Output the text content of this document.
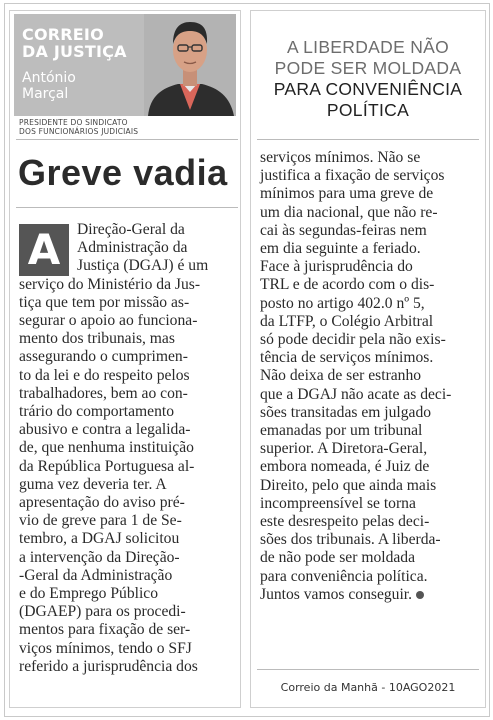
CORREIO
DA JUSTIÇA
António
Marçal
PRESIDENTE DO SINDICATO
DOS FUNCIONÁRIOS JUDICIAIS
Greve vadia
A	Direção-Geral da
Administração da
Justiça (DGAJ) é um
serviço do Ministério da Jus-
tiça que tem por missão as-
segurar o apoio ao funciona-
mento dos tribunais, mas
assegurando o cumprimen-
to da lei e do respeito pelos
trabalhadores, bem ao con-
trário do comportamento
abusivo e contra a legalida-
de, que nenhuma instituição
da República Portuguesa al-
guma vez deveria ter. A
apresentação do aviso pré-
vio de greve para 1 de Se-
tembro, a DGAJ solicitou
a intervenção da Direção-
-Geral da Administração
e do Emprego Público
(DGAEP) para os procedi-
mentos para fixação de ser-
viços mínimos, tendo o SFJ
referido a jurisprudência dos
A LIBERDADE NÃO
PODE SER MOLDADA
PARA CONVENIÊNCIA
POLÍTICA
serviços mínimos. Não se
justifica a fixação de serviços
mínimos para uma greve de
um dia nacional, que não re-
cai às segundas-feiras nem
em dia seguinte a feriado.
Face à jurisprudência do
TRL e de acordo com o dis-
posto no artigo 402.0 nº 5,
da LTFP, o Colégio Arbitral
só pode decidir pela não exis-
tência de serviços mínimos.
Não deixa de ser estranho
que a DGAJ não acate as deci-
sões transitadas em julgado
emanadas por um tribunal
superior. A Diretora-Geral,
embora nomeada, é Juiz de
Direito, pelo que ainda mais
incompreensível se torna
este desrespeito pelas deci-
sões dos tribunais. A liberda-
de não pode ser moldada
para conveniência política.
Juntos vamos conseguir.
Correio da Manhã - 10AGO2021
